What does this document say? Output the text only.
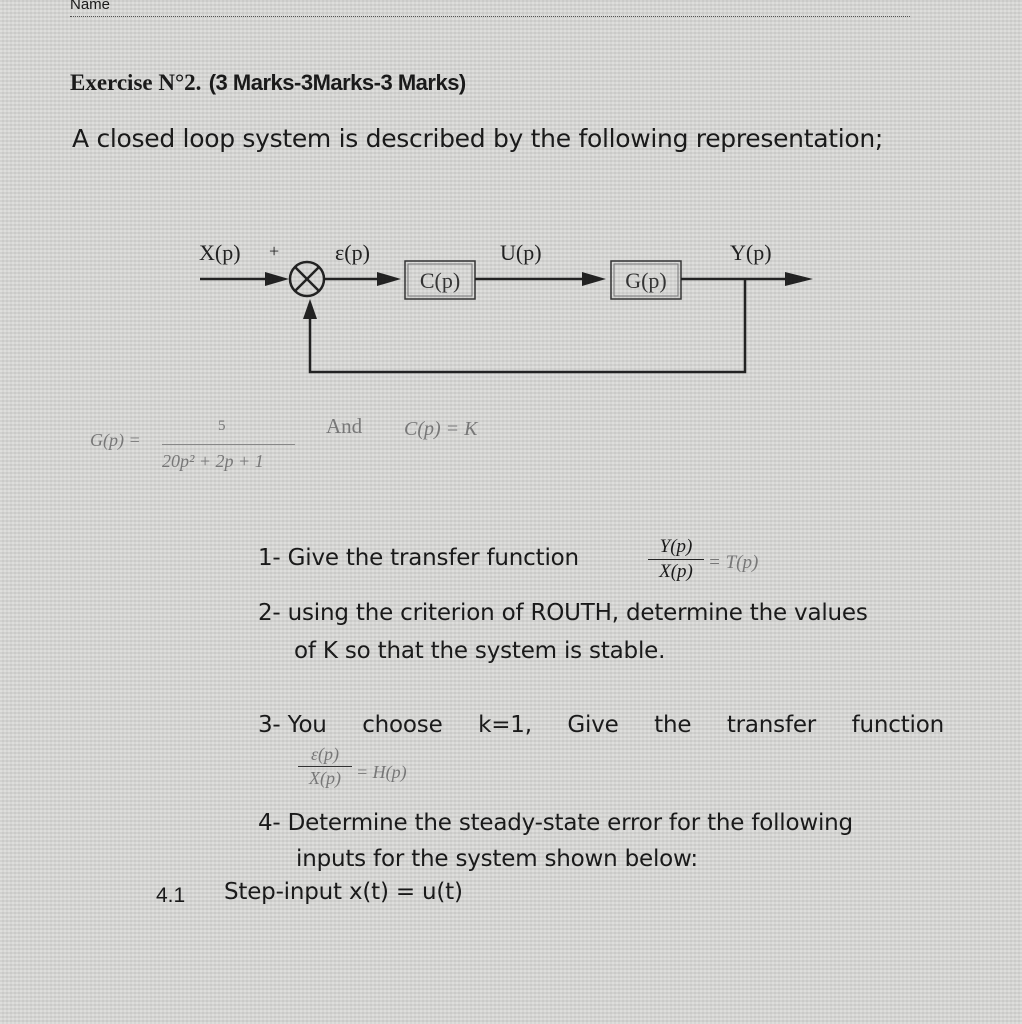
Name
Exercise N°2. (3 Marks-3Marks-3 Marks)
A closed loop system is described by the following representation;
X(p) +	ε(p)	U(p)	Y(p)
C(p)	G(p)
G(p) =
5
20p² + 2p + 1
And C(p) = K
1- Give the transfer function	Y(p)
X(p) = T(p)
2- using the criterion of ROUTH, determine the values
of K so that the system is stable.
3- You choose k=1, Give the transfer function
ε(p)
X(p) = H(p)
4- Determine the steady-state error for the following
inputs for the system shown below:
4.1 Step-input x(t) = u(t)
